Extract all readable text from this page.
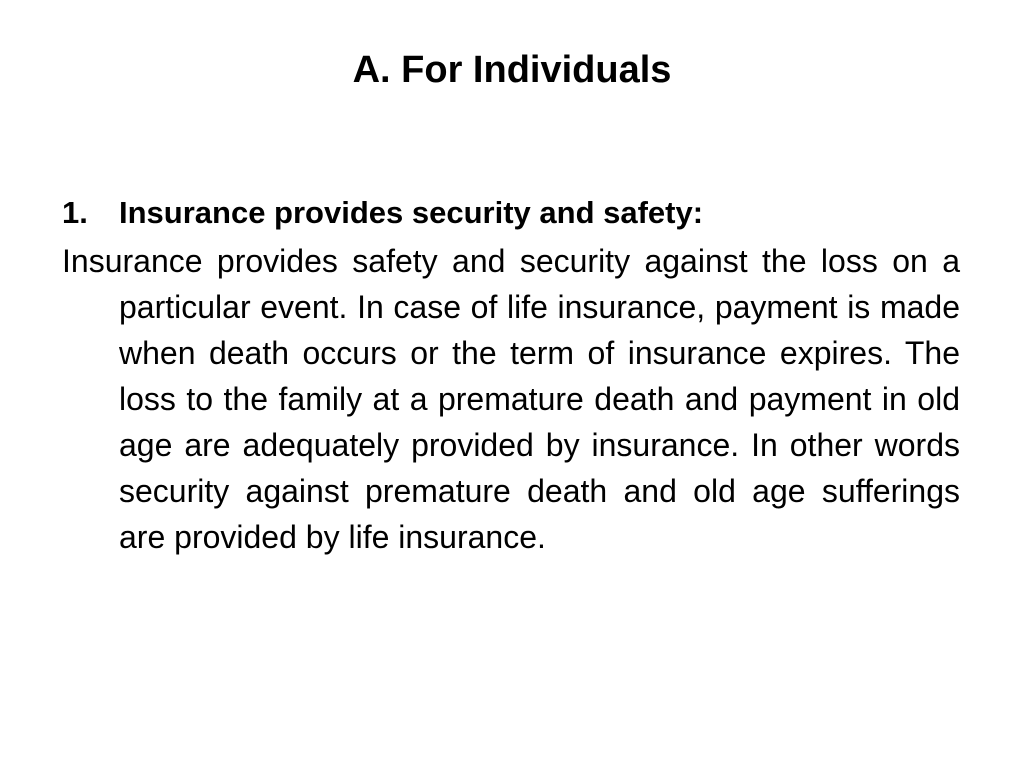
A. For Individuals
1.	Insurance provides security and safety:

Insurance provides safety and security against the loss on a particular event. In case of life insurance, payment is made when death occurs or the term of insurance expires. The loss to the family at a premature death and payment in old age are adequately provided by insurance. In other words security against premature death and old age sufferings are provided by life insurance.
